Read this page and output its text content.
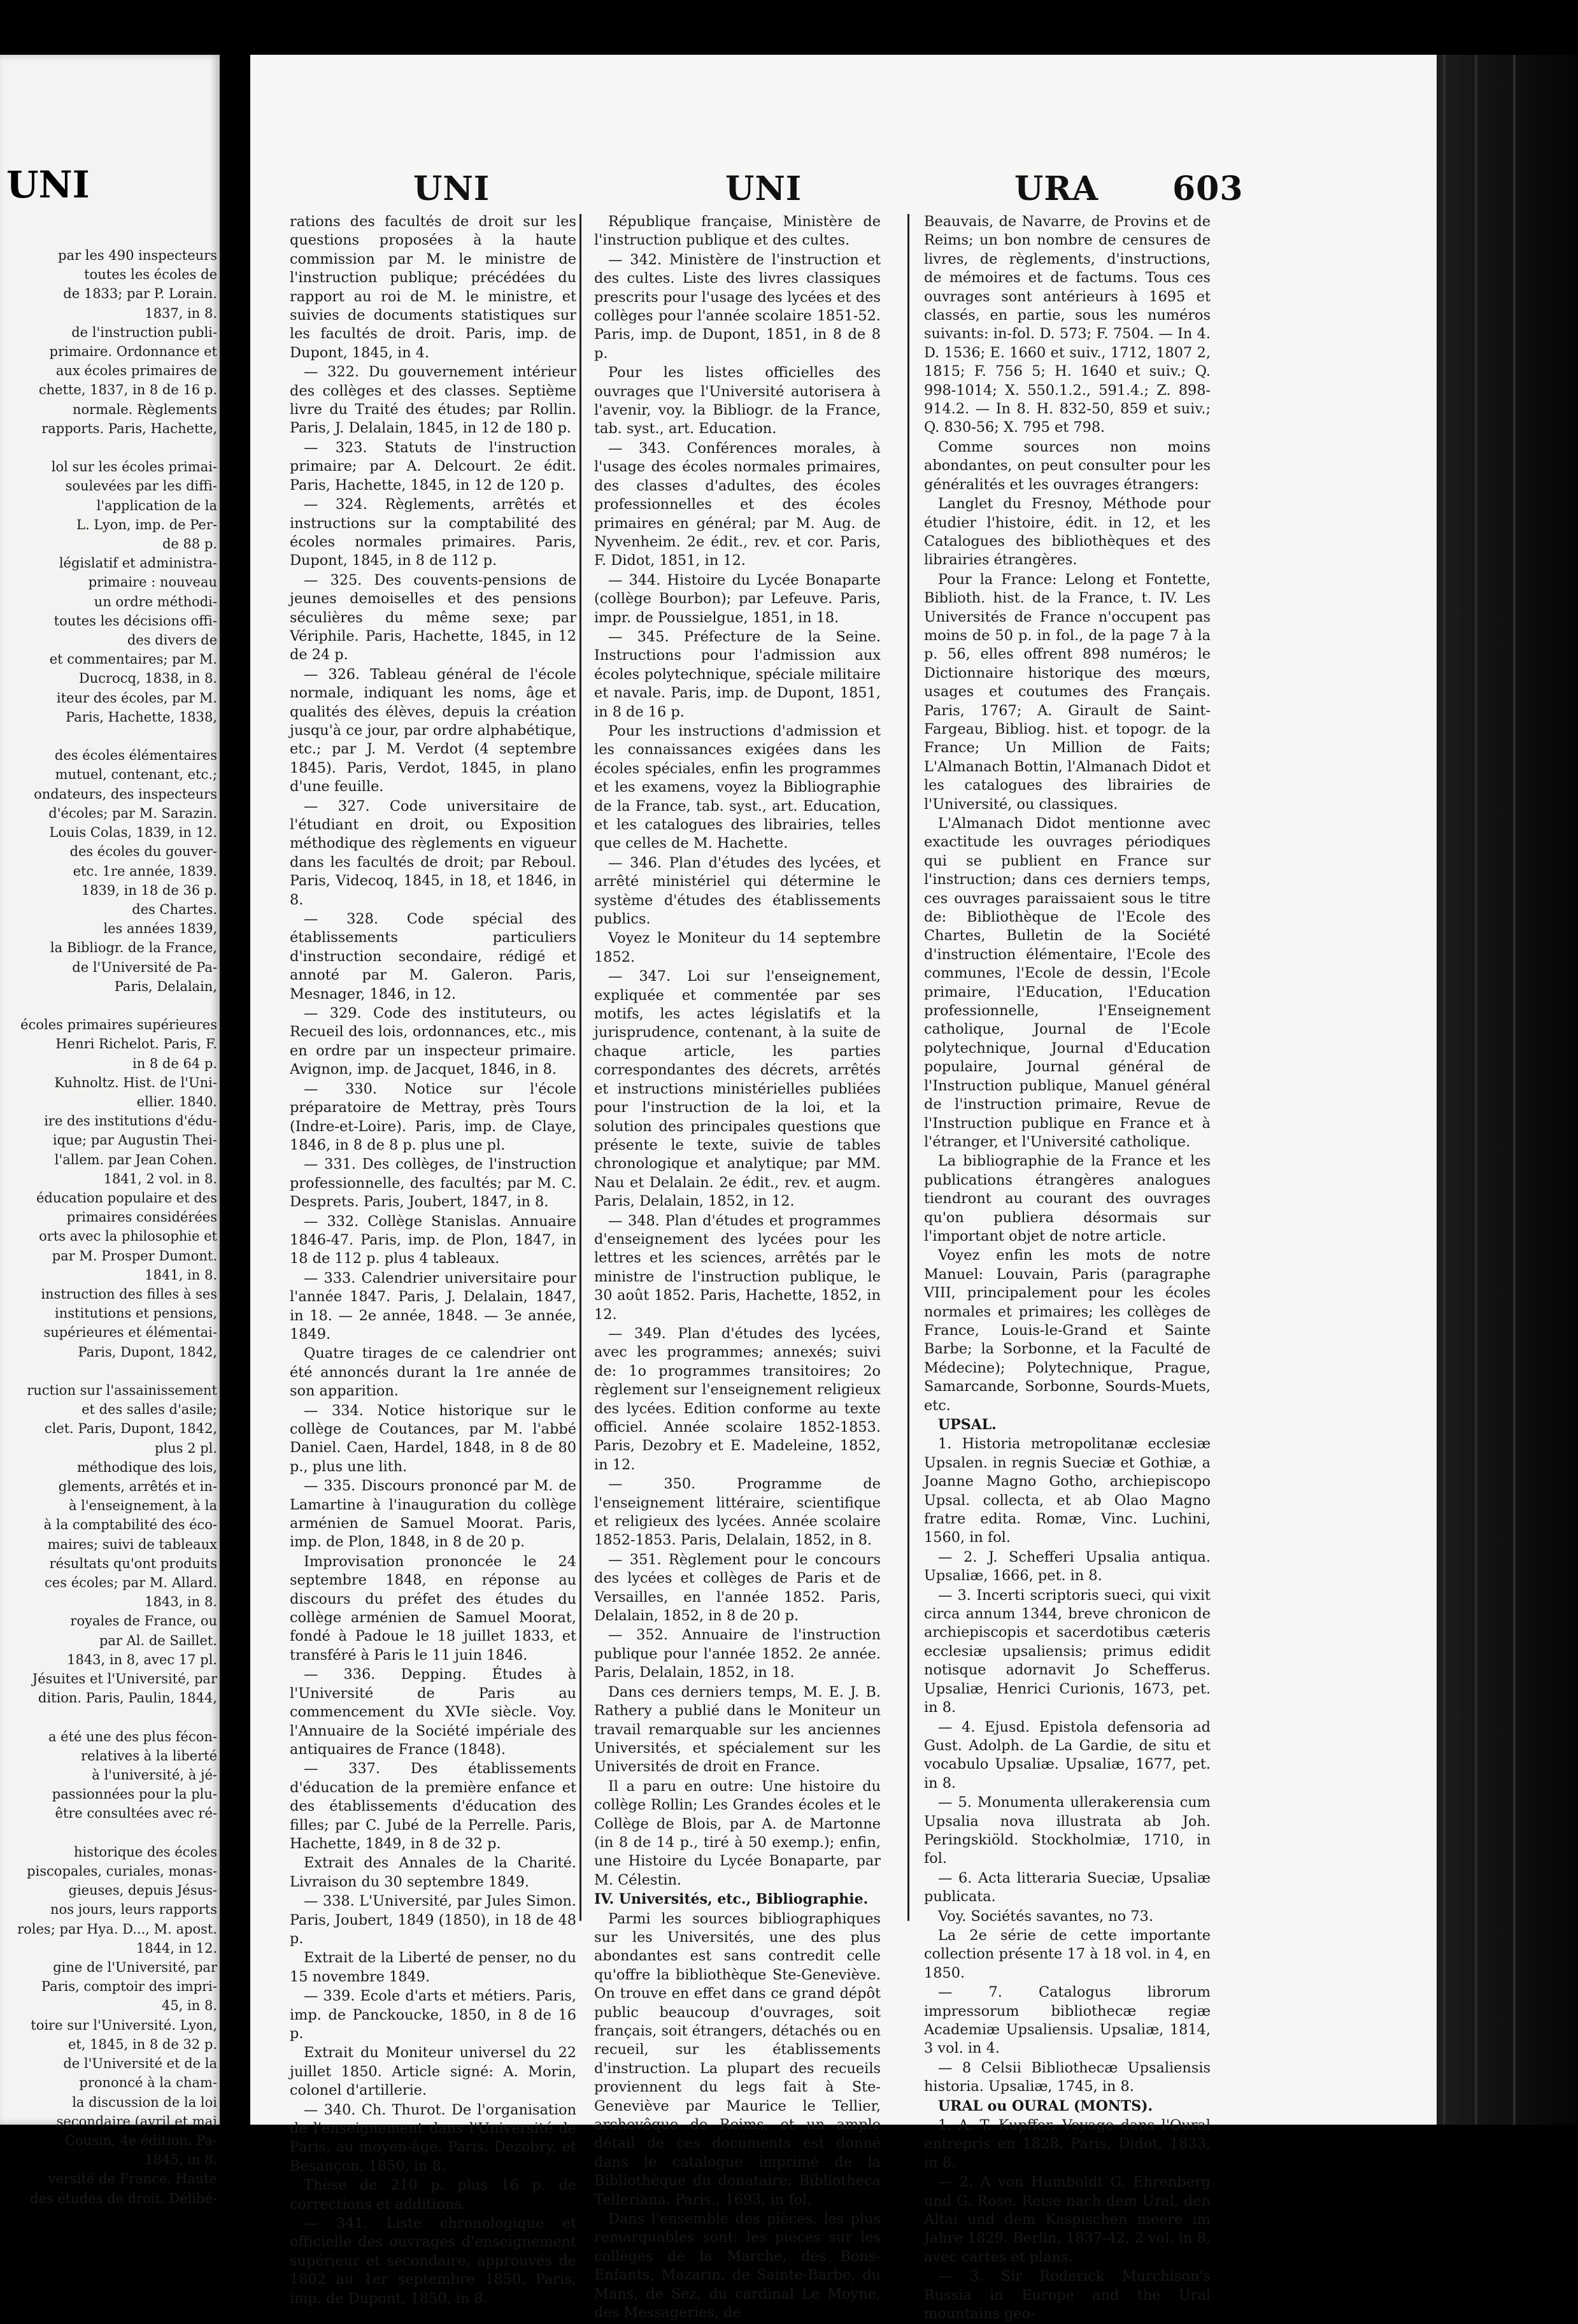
UNI
par les 490 inspecteurs
toutes les écoles de
de 1833; par P. Lorain.
1837, in 8.
de l'instruction publi-
primaire. Ordonnance et
aux écoles primaires de
chette, 1837, in 8 de 16 p.
normale. Règlements
rapports. Paris, Hachette,

lol sur les écoles primai-
soulevées par les diffi-
l'application de la
L. Lyon, imp. de Per-
de 88 p.
législatif et administra-
primaire : nouveau
un ordre méthodi-
toutes les décisions offi-
des divers de
et commentaires; par M.
Ducrocq, 1838, in 8.
iteur des écoles, par M.
Paris, Hachette, 1838,

des écoles élémentaires
mutuel, contenant, etc.;
ondateurs, des inspecteurs
d'écoles; par M. Sarazin.
Louis Colas, 1839, in 12.
des écoles du gouver-
etc. 1re année, 1839.
1839, in 18 de 36 p.
des Chartes.
les années 1839,
la Bibliogr. de la France,
de l'Université de Pa-
Paris, Delalain,

écoles primaires supérieures
Henri Richelot. Paris, F.
in 8 de 64 p.
Kuhnoltz. Hist. de l'Uni-
ellier. 1840.
ire des institutions d'édu-
ique; par Augustin Thei-
l'allem. par Jean Cohen.
1841, 2 vol. in 8.
éducation populaire et des
primaires considérées
orts avec la philosophie et
par M. Prosper Dumont.
1841, in 8.
instruction des filles à ses
institutions et pensions,
supérieures et élémentai-
Paris, Dupont, 1842,

ruction sur l'assainissement
et des salles d'asile;
clet. Paris, Dupont, 1842,
plus 2 pl.
méthodique des lois,
glements, arrêtés et in-
à l'enseignement, à la
à la comptabilité des éco-
maires; suivi de tableaux
résultats qu'ont produits
ces écoles; par M. Allard.
1843, in 8.
royales de France, ou
par Al. de Saillet.
1843, in 8, avec 17 pl.
Jésuites et l'Université, par
dition. Paris, Paulin, 1844,

a été une des plus fécon-
relatives à la liberté
à l'université, à jé-
passionnées pour la plu-
être consultées avec ré-

historique des écoles
piscopales, curiales, monas-
gieuses, depuis Jésus-
nos jours, leurs rapports
roles; par Hya. D..., M. apost.
1844, in 12.
gine de l'Université, par
Paris, comptoir des impri-
45, in 8.
toire sur l'Université. Lyon,
et, 1845, in 8 de 32 p.
de l'Université et de la
prononcé à la cham-
la discussion de la loi
secondaire (avril et mai
Cousin, 4e édition. Pa-
1845, in 8.
versité de France. Haute
des études de droit. Délibé-
UNI	UNI	URA 603

rations des facultés de droit sur les questions proposées à la haute commission par M. le ministre de l'instruction publique; précédées du rapport au roi de M. le ministre, et suivies de documents statistiques sur les facultés de droit. Paris, imp. de Dupont, 1845, in 4.

— 322. Du gouvernement intérieur des collèges et des classes. Septième livre du Traité des études; par Rollin. Paris, J. Delalain, 1845, in 12 de 180 p.

— 323. Statuts de l'instruction primaire; par A. Delcourt. 2e édit. Paris, Hachette, 1845, in 12 de 120 p.

— 324. Règlements, arrêtés et instructions sur la comptabilité des écoles normales primaires. Paris, Dupont, 1845, in 8 de 112 p.

— 325. Des couvents-pensions de jeunes demoiselles et des pensions séculières du même sexe; par Vériphile. Paris, Hachette, 1845, in 12 de 24 p.

— 326. Tableau général de l'école normale, indiquant les noms, âge et qualités des élèves, depuis la création jusqu'à ce jour, par ordre alphabétique, etc.; par J. M. Verdot (4 septembre 1845). Paris, Verdot, 1845, in plano d'une feuille.

— 327. Code universitaire de l'étudiant en droit, ou Exposition méthodique des règlements en vigueur dans les facultés de droit; par Reboul. Paris, Videcoq, 1845, in 18, et 1846, in 8.

— 328. Code spécial des établissements particuliers d'instruction secondaire, rédigé et annoté par M. Galeron. Paris, Mesnager, 1846, in 12.

— 329. Code des instituteurs, ou Recueil des lois, ordonnances, etc., mis en ordre par un inspecteur primaire. Avignon, imp. de Jacquet, 1846, in 8.

— 330. Notice sur l'école préparatoire de Mettray, près Tours (Indre-et-Loire). Paris, imp. de Claye, 1846, in 8 de 8 p. plus une pl.

— 331. Des collèges, de l'instruction professionnelle, des facultés; par M. C. Desprets. Paris, Joubert, 1847, in 8.

— 332. Collège Stanislas. Annuaire 1846-47. Paris, imp. de Plon, 1847, in 18 de 112 p. plus 4 tableaux.

— 333. Calendrier universitaire pour l'année 1847. Paris, J. Delalain, 1847, in 18. — 2e année, 1848. — 3e année, 1849.

Quatre tirages de ce calendrier ont été annoncés durant la 1re année de son apparition.

— 334. Notice historique sur le collège de Coutances, par M. l'abbé Daniel. Caen, Hardel, 1848, in 8 de 80 p., plus une lith.

— 335. Discours prononcé par M. de Lamartine à l'inauguration du collège arménien de Samuel Moorat. Paris, imp. de Plon, 1848, in 8 de 20 p.

Improvisation prononcée le 24 septembre 1848, en réponse au discours du préfet des études du collège arménien de Samuel Moorat, fondé à Padoue le 18 juillet 1833, et transféré à Paris le 11 juin 1846.

— 336. Depping. Études à l'Université de Paris au commencement du XVIe siècle. Voy. l'Annuaire de la Société impériale des antiquaires de France (1848).

— 337. Des établissements d'éducation de la première enfance et des établissements d'éducation des filles; par C. Jubé de la Perrelle. Paris, Hachette, 1849, in 8 de 32 p.

Extrait des Annales de la Charité. Livraison du 30 septembre 1849.

— 338. L'Université, par Jules Simon. Paris, Joubert, 1849 (1850), in 18 de 48 p.

Extrait de la Liberté de penser, no du 15 novembre 1849.

— 339. Ecole d'arts et métiers. Paris, imp. de Panckoucke, 1850, in 8 de 16 p.

Extrait du Moniteur universel du 22 juillet 1850. Article signé: A. Morin, colonel d'artillerie.

— 340. Ch. Thurot. De l'organisation de l'enseignement dans l'Université de Paris, au moyen-âge. Paris, Dezobry, et Besançon, 1850, in 8.

Thèse de 210 p. plus 16 p. de corrections et additions.

— 341. Liste chronologique et officielle des ouvrages d'enseignement supérieur et secondaire, approuvés de 1802 au 1er septembre 1850. Paris, imp. de Dupont, 1850, in 8.

République française, Ministère de l'instruction publique et des cultes.

— 342. Ministère de l'instruction et des cultes. Liste des livres classiques prescrits pour l'usage des lycées et des collèges pour l'année scolaire 1851-52. Paris, imp. de Dupont, 1851, in 8 de 8 p.

Pour les listes officielles des ouvrages que l'Université autorisera à l'avenir, voy. la Bibliogr. de la France, tab. syst., art. Education.

— 343. Conférences morales, à l'usage des écoles normales primaires, des classes d'adultes, des écoles professionnelles et des écoles primaires en général; par M. Aug. de Nyvenheim. 2e édit., rev. et cor. Paris, F. Didot, 1851, in 12.

— 344. Histoire du Lycée Bonaparte (collège Bourbon); par Lefeuve. Paris, impr. de Poussielgue, 1851, in 18.

— 345. Préfecture de la Seine. Instructions pour l'admission aux écoles polytechnique, spéciale militaire et navale. Paris, imp. de Dupont, 1851, in 8 de 16 p.

Pour les instructions d'admission et les connaissances exigées dans les écoles spéciales, enfin les programmes et les examens, voyez la Bibliographie de la France, tab. syst., art. Education, et les catalogues des librairies, telles que celles de M. Hachette.

— 346. Plan d'études des lycées, et arrêté ministériel qui détermine le système d'études des établissements publics.

Voyez le Moniteur du 14 septembre 1852.

— 347. Loi sur l'enseignement, expliquée et commentée par ses motifs, les actes législatifs et la jurisprudence, contenant, à la suite de chaque article, les parties correspondantes des décrets, arrêtés et instructions ministérielles publiées pour l'instruction de la loi, et la solution des principales questions que présente le texte, suivie de tables chronologique et analytique; par MM. Nau et Delalain. 2e édit., rev. et augm. Paris, Delalain, 1852, in 12.

— 348. Plan d'études et programmes d'enseignement des lycées pour les lettres et les sciences, arrêtés par le ministre de l'instruction publique, le 30 août 1852. Paris, Hachette, 1852, in 12.

— 349. Plan d'études des lycées, avec les programmes; annexés; suivi de: 1o programmes transitoires; 2o règlement sur l'enseignement religieux des lycées. Edition conforme au texte officiel. Année scolaire 1852-1853. Paris, Dezobry et E. Madeleine, 1852, in 12.

— 350. Programme de l'enseignement littéraire, scientifique et religieux des lycées. Année scolaire 1852-1853. Paris, Delalain, 1852, in 8.

— 351. Règlement pour le concours des lycées et collèges de Paris et de Versailles, en l'année 1852. Paris, Delalain, 1852, in 8 de 20 p.

— 352. Annuaire de l'instruction publique pour l'année 1852. 2e année. Paris, Delalain, 1852, in 18.

Dans ces derniers temps, M. E. J. B. Rathery a publié dans le Moniteur un travail remarquable sur les anciennes Universités, et spécialement sur les Universités de droit en France.

Il a paru en outre: Une histoire du collège Rollin; Les Grandes écoles et le Collège de Blois, par A. de Martonne (in 8 de 14 p., tiré à 50 exemp.); enfin, une Histoire du Lycée Bonaparte, par M. Célestin.

IV. Universités, etc., Bibliographie.

Parmi les sources bibliographiques sur les Universités, une des plus abondantes est sans contredit celle qu'offre la bibliothèque Ste-Geneviève. On trouve en effet dans ce grand dépôt public beaucoup d'ouvrages, soit français, soit étrangers, détachés ou en recueil, sur les établissements d'instruction. La plupart des recueils proviennent du legs fait à Ste-Geneviève par Maurice le Tellier, archevêque de Reims, et un ample détail de ces documents est donné dans le catalogue imprimé de la Bibliothèque du donataire: Bibliotheca Telleriana. Paris., 1693, in fol.

Dans l'ensemble des pièces, les plus remarquables sont: les pièces sur les collèges de la Marche, des Bons-Enfants, Mazarin, de Sainte-Barbe, du Mans, de Sez, du cardinal Le Moyne, des Messageries, de

Beauvais, de Navarre, de Provins et de Reims; un bon nombre de censures de livres, de règlements, d'instructions, de mémoires et de factums. Tous ces ouvrages sont antérieurs à 1695 et classés, en partie, sous les numéros suivants: in-fol. D. 573; F. 7504. — In 4. D. 1536; E. 1660 et suiv., 1712, 1807 2, 1815; F. 756 5; H. 1640 et suiv.; Q. 998-1014; X. 550.1.2., 591.4.; Z. 898-914.2. — In 8. H. 832-50, 859 et suiv.; Q. 830-56; X. 795 et 798.

Comme sources non moins abondantes, on peut consulter pour les généralités et les ouvrages étrangers:

Langlet du Fresnoy, Méthode pour étudier l'histoire, édit. in 12, et les Catalogues des bibliothèques et des librairies étrangères.

Pour la France: Lelong et Fontette, Biblioth. hist. de la France, t. IV. Les Universités de France n'occupent pas moins de 50 p. in fol., de la page 7 à la p. 56, elles offrent 898 numéros; le Dictionnaire historique des mœurs, usages et coutumes des Français. Paris, 1767; A. Girault de Saint-Fargeau, Bibliog. hist. et topogr. de la France; Un Million de Faits; L'Almanach Bottin, l'Almanach Didot et les catalogues des librairies de l'Université, ou classiques.

L'Almanach Didot mentionne avec exactitude les ouvrages périodiques qui se publient en France sur l'instruction; dans ces derniers temps, ces ouvrages paraissaient sous le titre de: Bibliothèque de l'Ecole des Chartes, Bulletin de la Société d'instruction élémentaire, l'Ecole des communes, l'Ecole de dessin, l'Ecole primaire, l'Education, l'Education professionnelle, l'Enseignement catholique, Journal de l'Ecole polytechnique, Journal d'Education populaire, Journal général de l'Instruction publique, Manuel général de l'instruction primaire, Revue de l'Instruction publique en France et à l'étranger, et l'Université catholique.

La bibliographie de la France et les publications étrangères analogues tiendront au courant des ouvrages qu'on publiera désormais sur l'important objet de notre article.

Voyez enfin les mots de notre Manuel: Louvain, Paris (paragraphe VIII, principalement pour les écoles normales et primaires; les collèges de France, Louis-le-Grand et Sainte Barbe; la Sorbonne, et la Faculté de Médecine); Polytechnique, Prague, Samarcande, Sorbonne, Sourds-Muets, etc.

UPSAL.

1. Historia metropolitanæ ecclesiæ Upsalen. in regnis Sueciæ et Gothiæ, a Joanne Magno Gotho, archiepiscopo Upsal. collecta, et ab Olao Magno fratre edita. Romæ, Vinc. Luchini, 1560, in fol.

— 2. J. Schefferi Upsalia antiqua. Upsaliæ, 1666, pet. in 8.

— 3. Incerti scriptoris sueci, qui vixit circa annum 1344, breve chronicon de archiepiscopis et sacerdotibus cæteris ecclesiæ upsaliensis; primus edidit notisque adornavit Jo Schefferus. Upsaliæ, Henrici Curionis, 1673, pet. in 8.

— 4. Ejusd. Epistola defensoria ad Gust. Adolph. de La Gardie, de situ et vocabulo Upsaliæ. Upsaliæ, 1677, pet. in 8.

— 5. Monumenta ullerakerensia cum Upsalia nova illustrata ab Joh. Peringskiöld. Stockholmiæ, 1710, in fol.

— 6. Acta litteraria Sueciæ, Upsaliæ publicata.

Voy. Sociétés savantes, no 73.

La 2e série de cette importante collection présente 17 à 18 vol. in 4, en 1850.

— 7. Catalogus librorum impressorum bibliothecæ regiæ Academiæ Upsaliensis. Upsaliæ, 1814, 3 vol. in 4.

— 8 Celsii Bibliothecæ Upsaliensis historia. Upsaliæ, 1745, in 8.

URAL ou OURAL (MONTS).

1. A. T. Kupffer. Voyage dans l'Oural entrepris en 1828. Paris, Didot, 1833, in 8.

— 2. A von Humboldt G. Ehrenberg und G. Rose. Reise nach dem Ural, den Altai und dem Kaspischen meere im Jahre 1829. Berlin, 1837-42, 2 vol. in 8, avec cartes et plans.

— 3. Sir Roderick Murchison's Russia in Europe and the Ural mountains geo-
